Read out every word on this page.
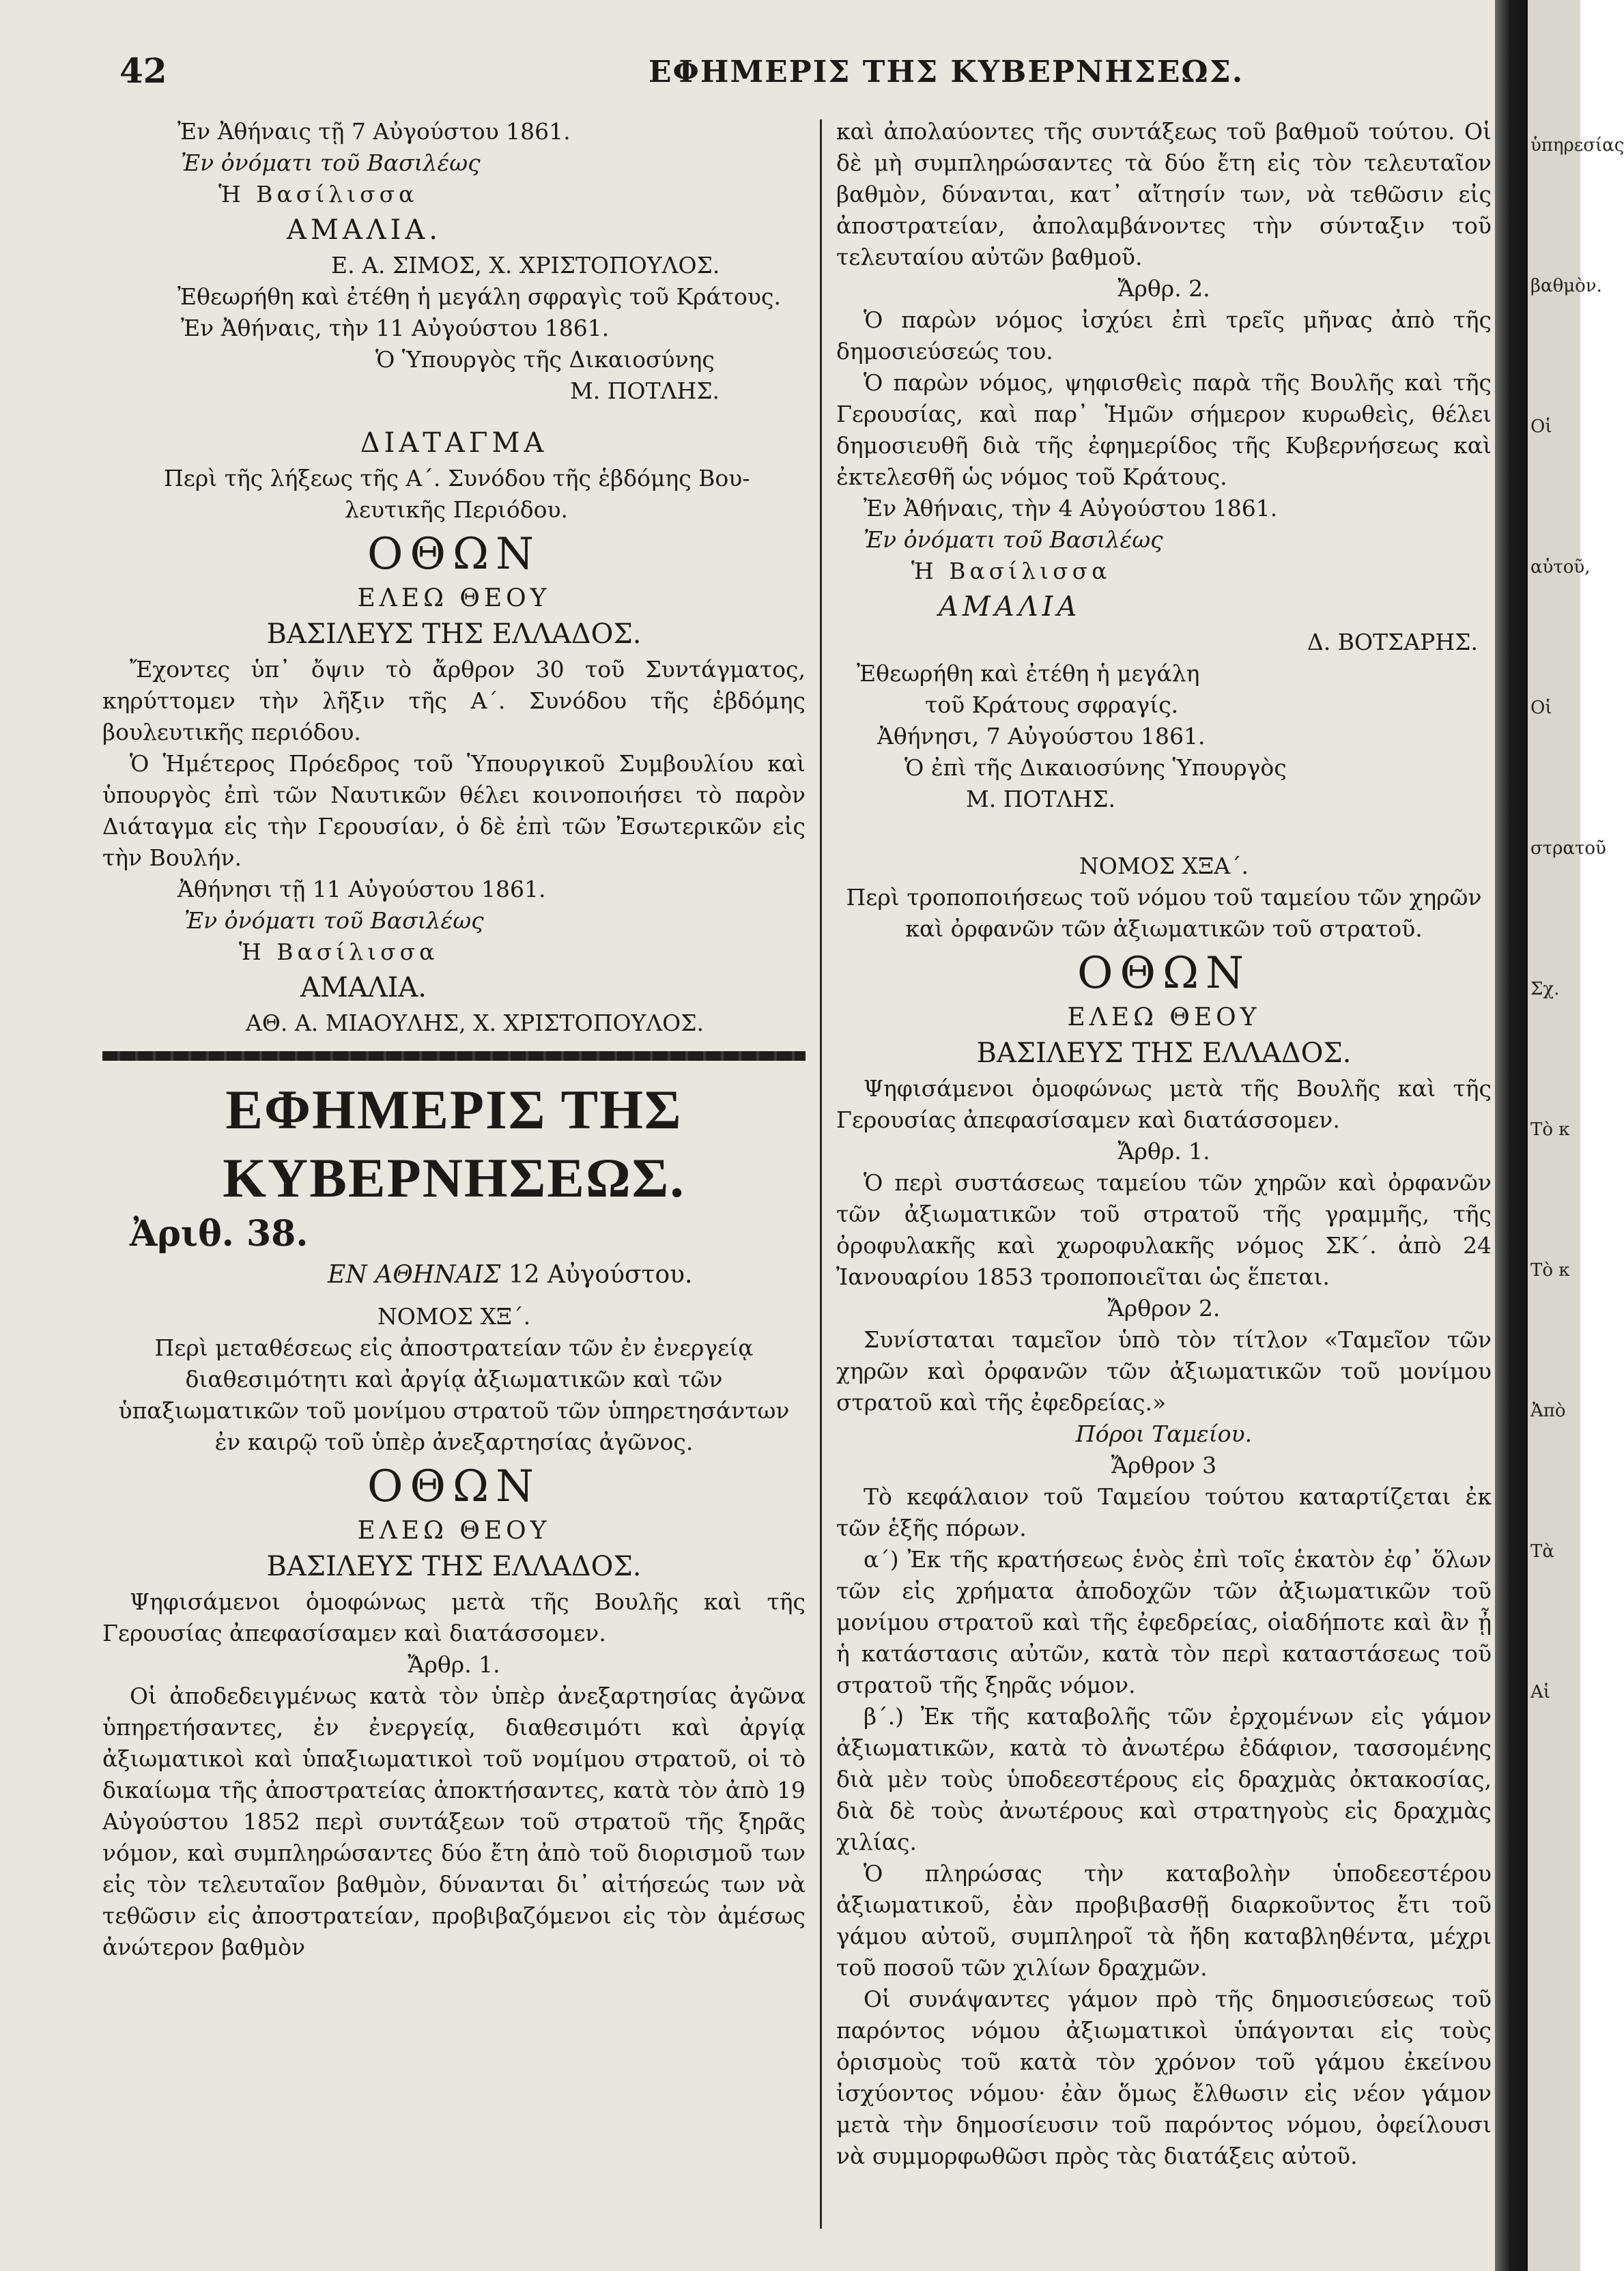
42	ΕΦΗΜΕΡΙΣ ΤΗΣ ΚΥΒΕΡΝΗΣΕΩΣ.

Ἐν Ἀθήναις τῇ 7 Αὐγούστου 1861.

Ἐν ὀνόματι τοῦ Βασιλέως

Ἡ Βασίλισσα

ΑΜΑΛΙΑ.

Ε. Α. ΣΙΜΟΣ, Χ. ΧΡΙΣΤΟΠΟΥΛΟΣ.

Ἐθεωρήθη καὶ ἐτέθη ἡ μεγάλη σφραγὶς τοῦ Κράτους.

Ἐν Ἀθήναις, τὴν 11 Αὐγούστου 1861.

Ὁ Ὑπουργὸς τῆς Δικαιοσύνης

Μ. ΠΟΤΛΗΣ.

ΔΙΑΤΑΓΜΑ

Περὶ τῆς λήξεως τῆς Α΄. Συνόδου τῆς ἑβδόμης Βου-

λευτικῆς Περιόδου.

ΟΘΩΝ

ΕΛΕΩ ΘΕΟΥ

ΒΑΣΙΛΕΥΣ ΤΗΣ ΕΛΛΑΔΟΣ.

Ἔχοντες ὑπ᾽ ὄψιν τὸ ἄρθρον 30 τοῦ Συντάγματος, κηρύττομεν τὴν λῆξιν τῆς Α΄. Συνόδου τῆς ἑβδόμης βουλευτικῆς περιόδου.

Ὁ Ἡμέτερος Πρόεδρος τοῦ Ὑπουργικοῦ Συμβουλίου καὶ ὑπουργὸς ἐπὶ τῶν Ναυτικῶν θέλει κοινοποιήσει τὸ παρὸν Διάταγμα εἰς τὴν Γερουσίαν, ὁ δὲ ἐπὶ τῶν Ἐσωτερικῶν εἰς τὴν Βουλήν.

Ἀθήνησι τῇ 11 Αὐγούστου 1861.

Ἐν ὀνόματι τοῦ Βασιλέως

Ἡ Βασίλισσα

ΑΜΑΛΙΑ.

ΑΘ. Α. ΜΙΑΟΥΛΗΣ, Χ. ΧΡΙΣΤΟΠΟΥΛΟΣ.

ΕΦΗΜΕΡΙΣ ΤΗΣ ΚΥΒΕΡΝΗΣΕΩΣ.
Ἀριθ. 38.

ΕΝ ΑΘΗΝΑΙΣ 12 Αὐγούστου.

ΝΟΜΟΣ ΧΞ΄.

Περὶ μεταθέσεως εἰς ἀποστρατείαν τῶν ἐν ἐνεργείᾳ διαθεσιμότητι καὶ ἀργίᾳ ἀξιωματικῶν καὶ τῶν ὑπαξιωματικῶν τοῦ μονίμου στρατοῦ τῶν ὑπηρετησάντων ἐν καιρῷ τοῦ ὑπὲρ ἀνεξαρτησίας ἀγῶνος.

ΟΘΩΝ

ΕΛΕΩ ΘΕΟΥ

ΒΑΣΙΛΕΥΣ ΤΗΣ ΕΛΛΑΔΟΣ.

Ψηφισάμενοι ὁμοφώνως μετὰ τῆς Βουλῆς καὶ τῆς Γερουσίας ἀπεφασίσαμεν καὶ διατάσσομεν.

Ἄρθρ. 1.

Οἱ ἀποδεδειγμένως κατὰ τὸν ὑπὲρ ἀνεξαρτησίας ἀγῶνα ὑπηρετήσαντες, ἐν ἐνεργείᾳ, διαθεσιμότι καὶ ἀργίᾳ ἀξιωματικοὶ καὶ ὑπαξιωματικοὶ τοῦ νομίμου στρατοῦ, οἱ τὸ δικαίωμα τῆς ἀποστρατείας ἀποκτήσαντες, κατὰ τὸν ἀπὸ 19 Αὐγούστου 1852 περὶ συντάξεων τοῦ στρατοῦ τῆς ξηρᾶς νόμον, καὶ συμπληρώσαντες δύο ἔτη ἀπὸ τοῦ διορισμοῦ των εἰς τὸν τελευταῖον βαθμὸν, δύνανται δι᾽ αἰτήσεώς των νὰ τεθῶσιν εἰς ἀποστρατείαν, προβιβαζόμενοι εἰς τὸν ἀμέσως ἀνώτερον βαθμὸν

καὶ ἀπολαύοντες τῆς συντάξεως τοῦ βαθμοῦ τούτου. Οἱ δὲ μὴ συμπληρώσαντες τὰ δύο ἔτη εἰς τὸν τελευταῖον βαθμὸν, δύνανται, κατ᾽ αἴτησίν των, νὰ τεθῶσιν εἰς ἀποστρατείαν, ἀπολαμβάνοντες τὴν σύνταξιν τοῦ τελευταίου αὐτῶν βαθμοῦ.

Ἄρθρ. 2.

Ὁ παρὼν νόμος ἰσχύει ἐπὶ τρεῖς μῆνας ἀπὸ τῆς δημοσιεύσεώς του.

Ὁ παρὼν νόμος, ψηφισθεὶς παρὰ τῆς Βουλῆς καὶ τῆς Γερουσίας, καὶ παρ᾽ Ἡμῶν σήμερον κυρωθεὶς, θέλει δημοσιευθῆ διὰ τῆς ἐφημερίδος τῆς Κυβερνήσεως καὶ ἐκτελεσθῆ ὡς νόμος τοῦ Κράτους.

Ἐν Ἀθήναις, τὴν 4 Αὐγούστου 1861.

Ἐν ὀνόματι τοῦ Βασιλέως

Ἡ Βασίλισσα

ΑΜΑΛΙΑ

Δ. ΒΟΤΣΑΡΗΣ.

Ἐθεωρήθη καὶ ἐτέθη ἡ μεγάλη

τοῦ Κράτους σφραγίς.

Ἀθήνησι, 7 Αὐγούστου 1861.

Ὁ ἐπὶ τῆς Δικαιοσύνης Ὑπουργὸς

Μ. ΠΟΤΛΗΣ.

ΝΟΜΟΣ ΧΞΑ΄.

Περὶ τροποποιήσεως τοῦ νόμου τοῦ ταμείου τῶν χηρῶν καὶ ὀρφανῶν τῶν ἀξιωματικῶν τοῦ στρατοῦ.

ΟΘΩΝ

ΕΛΕΩ ΘΕΟΥ

ΒΑΣΙΛΕΥΣ ΤΗΣ ΕΛΛΑΔΟΣ.

Ψηφισάμενοι ὁμοφώνως μετὰ τῆς Βουλῆς καὶ τῆς Γερουσίας ἀπεφασίσαμεν καὶ διατάσσομεν.

Ἄρθρ. 1.

Ὁ περὶ συστάσεως ταμείου τῶν χηρῶν καὶ ὀρφανῶν τῶν ἀξιωματικῶν τοῦ στρατοῦ τῆς γραμμῆς, τῆς ὀροφυλακῆς καὶ χωροφυλακῆς νόμος ΣΚ΄. ἀπὸ 24 Ἰανουαρίου 1853 τροποποιεῖται ὡς ἕπεται.

Ἄρθρον 2.

Συνίσταται ταμεῖον ὑπὸ τὸν τίτλον «Ταμεῖον τῶν χηρῶν καὶ ὀρφανῶν τῶν ἀξιωματικῶν τοῦ μονίμου στρατοῦ καὶ τῆς ἐφεδρείας.»

Πόροι Ταμείου.

Ἄρθρον 3

Τὸ κεφάλαιον τοῦ Ταμείου τούτου καταρτίζεται ἐκ τῶν ἑξῆς πόρων.

α΄) Ἐκ τῆς κρατήσεως ἑνὸς ἐπὶ τοῖς ἑκατὸν ἐφ᾽ ὅλων τῶν εἰς χρήματα ἀποδοχῶν τῶν ἀξιωματικῶν τοῦ μονίμου στρατοῦ καὶ τῆς ἐφεδρείας, οἱαδήποτε καὶ ἂν ᾖ ἡ κατάστασις αὐτῶν, κατὰ τὸν περὶ καταστάσεως τοῦ στρατοῦ τῆς ξηρᾶς νόμον.

β΄.) Ἐκ τῆς καταβολῆς τῶν ἐρχομένων εἰς γάμον ἀξιωματικῶν, κατὰ τὸ ἀνωτέρω ἐδάφιον, τασσομένης διὰ μὲν τοὺς ὑποδεεστέρους εἰς δραχμὰς ὀκτακοσίας, διὰ δὲ τοὺς ἀνωτέρους καὶ στρατηγοὺς εἰς δραχμὰς χιλίας.

Ὁ πληρώσας τὴν καταβολὴν ὑποδεεστέρου ἀξιωματικοῦ, ἐὰν προβιβασθῇ διαρκοῦντος ἔτι τοῦ γάμου αὐτοῦ, συμπληροῖ τὰ ἤδη καταβληθέντα, μέχρι τοῦ ποσοῦ τῶν χιλίων δραχμῶν.

Οἱ συνάψαντες γάμον πρὸ τῆς δημοσιεύσεως τοῦ παρόντος νόμου ἀξιωματικοὶ ὑπάγονται εἰς τοὺς ὁρισμοὺς τοῦ κατὰ τὸν χρόνον τοῦ γάμου ἐκείνου ἰσχύοντος νόμου· ἐὰν ὅμως ἔλθωσιν εἰς νέον γάμον μετὰ τὴν δημοσίευσιν τοῦ παρόντος νόμου, ὀφείλουσι νὰ συμμορφωθῶσι πρὸς τὰς διατάξεις αὐτοῦ.

ὑπηρεσίας
βαθμὸν.
Οἱ
αὐτοῦ,
Οἱ
στρατοῦ
Σχ.
Τὸ κ
Τὸ κ
Ἀπὸ
Τὰ
Αἱ
